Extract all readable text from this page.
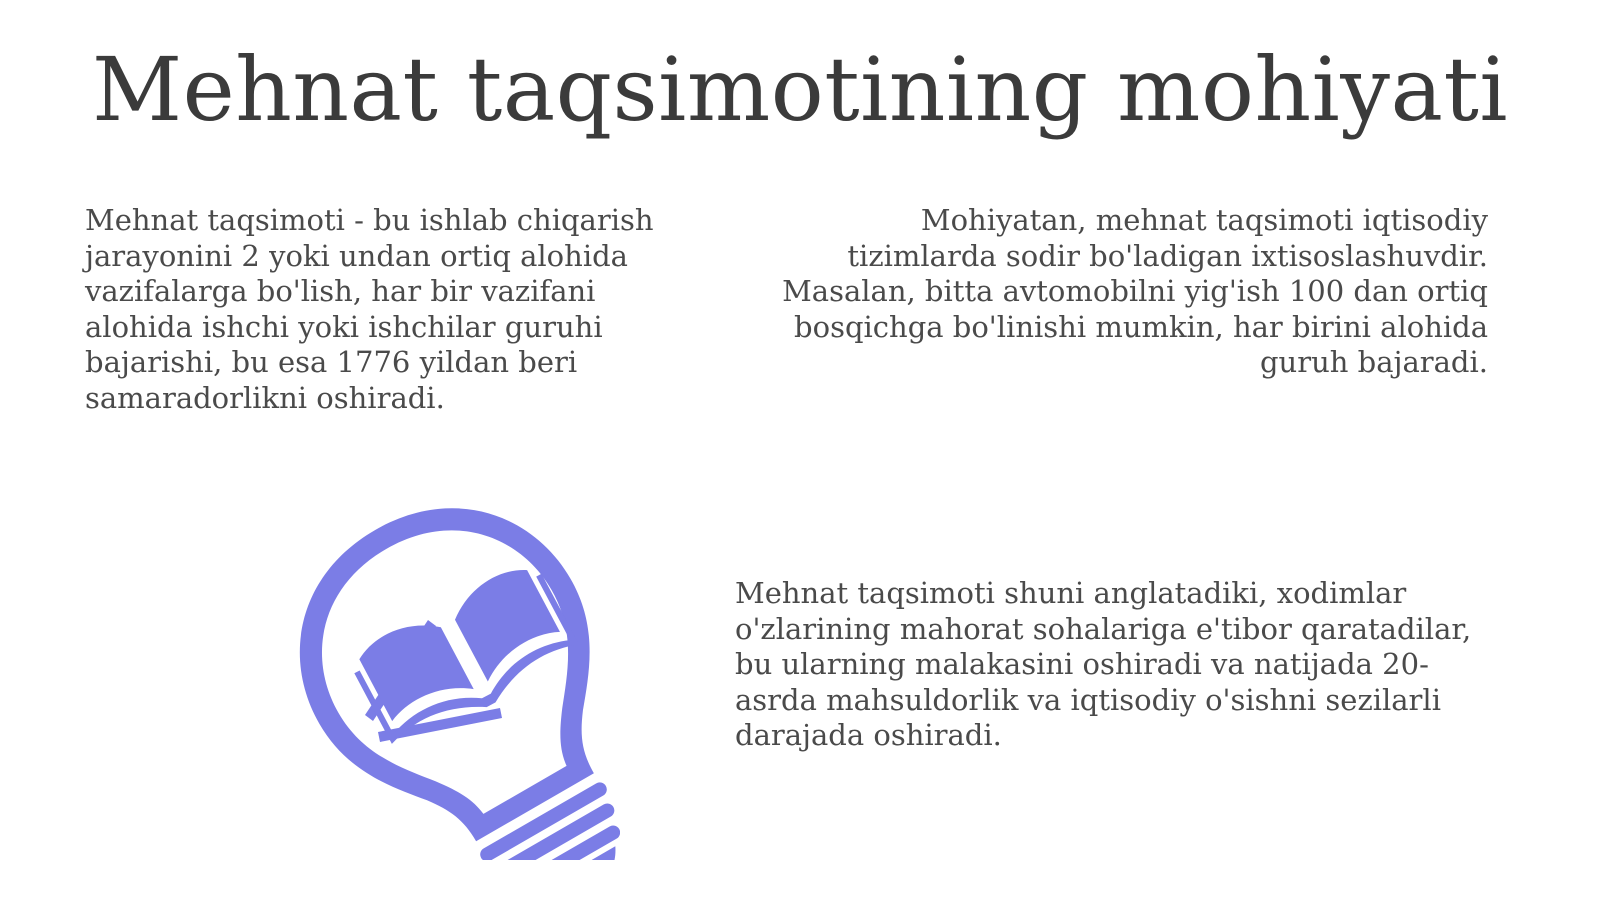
Mehnat taqsimotining mohiyati
Mehnat taqsimoti - bu ishlab chiqarish jarayonini 2 yoki undan ortiq alohida vazifalarga bo'lish, har bir vazifani alohida ishchi yoki ishchilar guruhi bajarishi, bu esa 1776 yildan beri samaradorlikni oshiradi.
Mohiyatan, mehnat taqsimoti iqtisodiy tizimlarda sodir bo'ladigan ixtisoslashuvdir. Masalan, bitta avtomobilni yig'ish 100 dan ortiq bosqichga bo'linishi mumkin, har birini alohida guruh bajaradi.
Mehnat taqsimoti shuni anglatadiki, xodimlar o'zlarining mahorat sohalariga e'tibor qaratadilar, bu ularning malakasini oshiradi va natijada 20-asrda mahsuldorlik va iqtisodiy o'sishni sezilarli darajada oshiradi.
